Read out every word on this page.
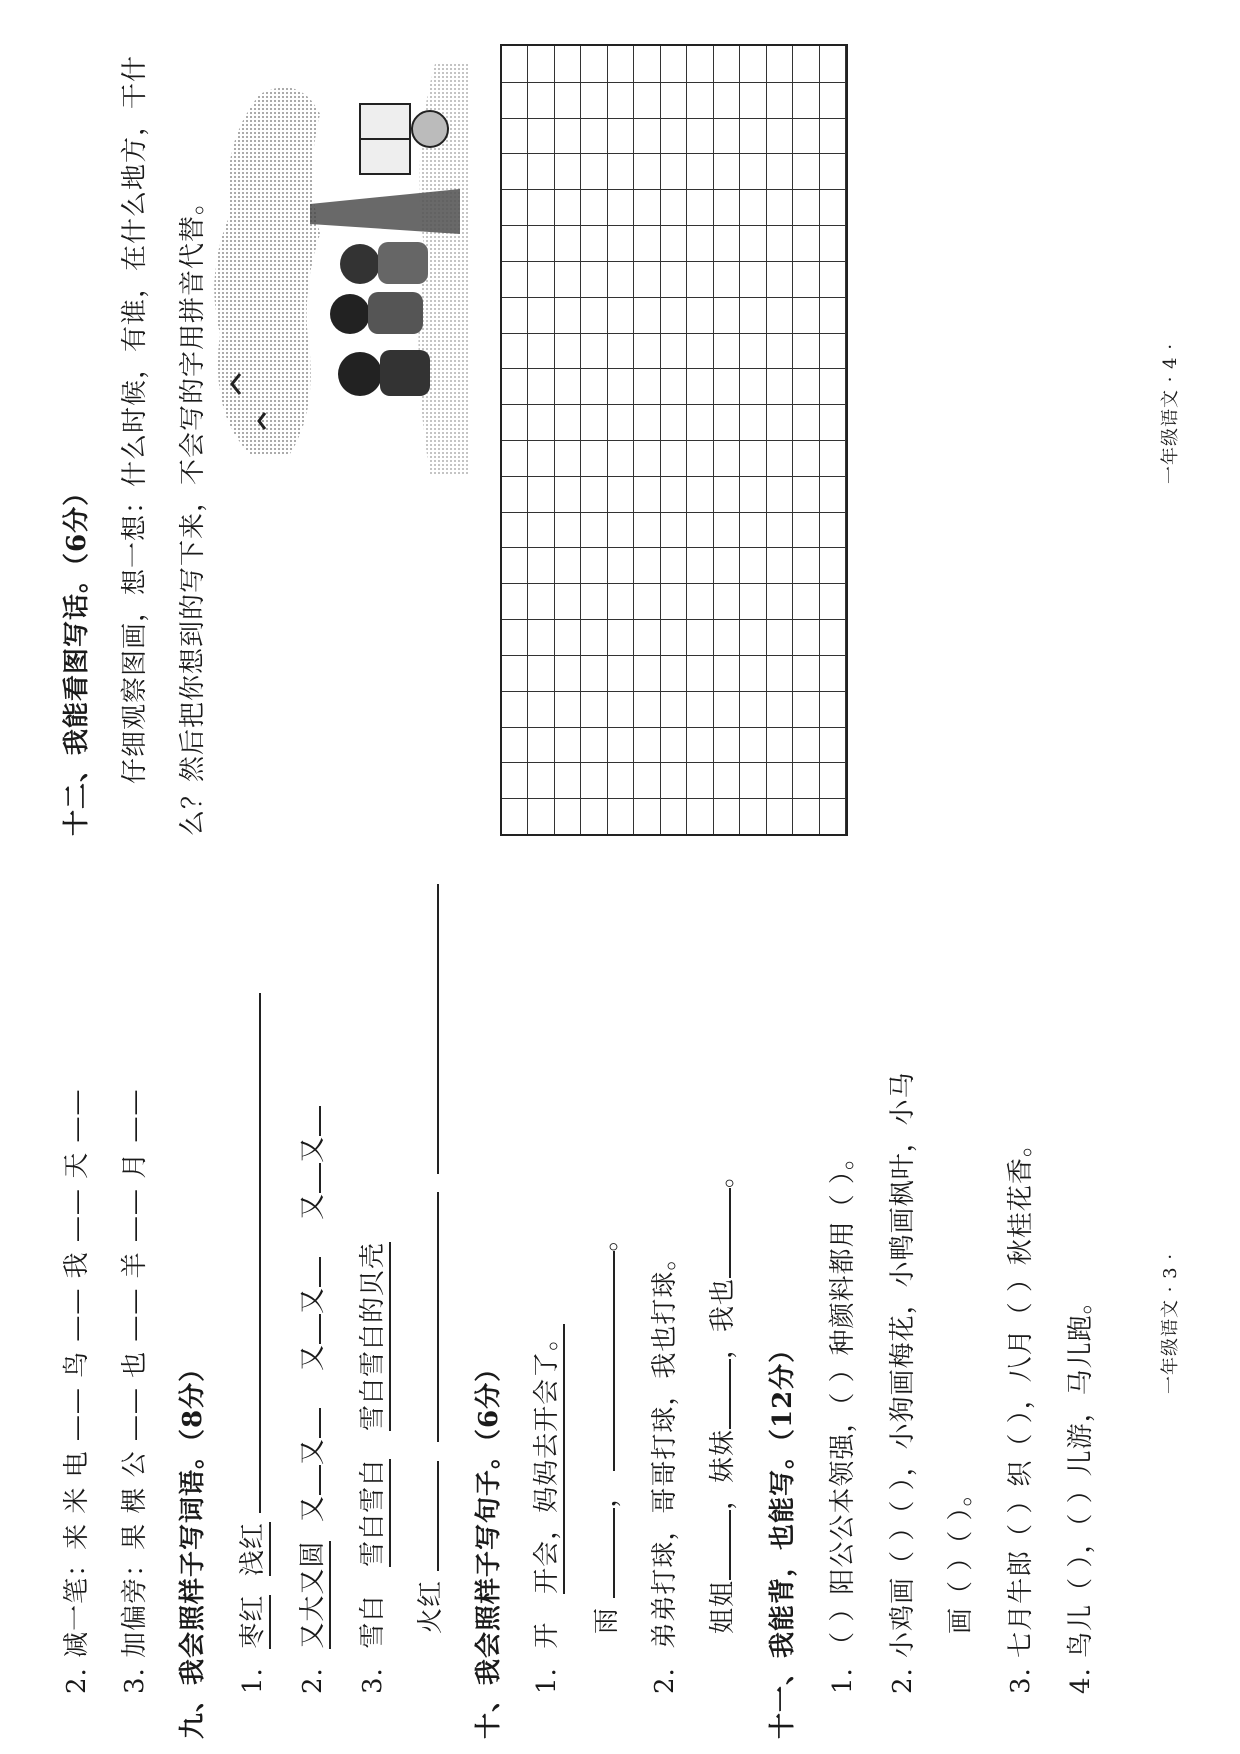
2. 减一笔：来 米 电 —— 鸟 —— 我 —— 天 —— 3. 加偏旁：果 棵 公 —— 也 —— 羊 —— 月 —— 九、我会照样子写词语。（8分） 1.  枣红  浅红
2.  又大又圆  又又    又又    又又
3.  雪白   雪白雪白   雪白雪白的贝壳
火红 十、我会照样子写句子。（6分） 1.  开   开会，妈妈去开会了。
雨 ， 。
2.  弟弟打球，哥哥打球，我也打球。 姐姐，妹妹，我也。
十一、我能背，也能写。（12分） 1. （ ）阳公公本领强，（ ）种颜料都用（ ）。 2. 小鸡画（ ）（ ），小狗画梅花，小鸭画枫叶，小马 画（ ）（ ）。 3. 七月牛郎（ ）织（ ），八月（ ）秋桂花香。 4. 鸟儿（ ），（ ）儿游，马儿跑。	一年级语文 · 3 ·
十二、我能看图写话。（6分） 仔细观察图画，想一想：什么时候，有谁，在什么地方，干什 么？然后把你想到的写下来，不会写的字用拼音代替。	一年级语文 · 4 ·
